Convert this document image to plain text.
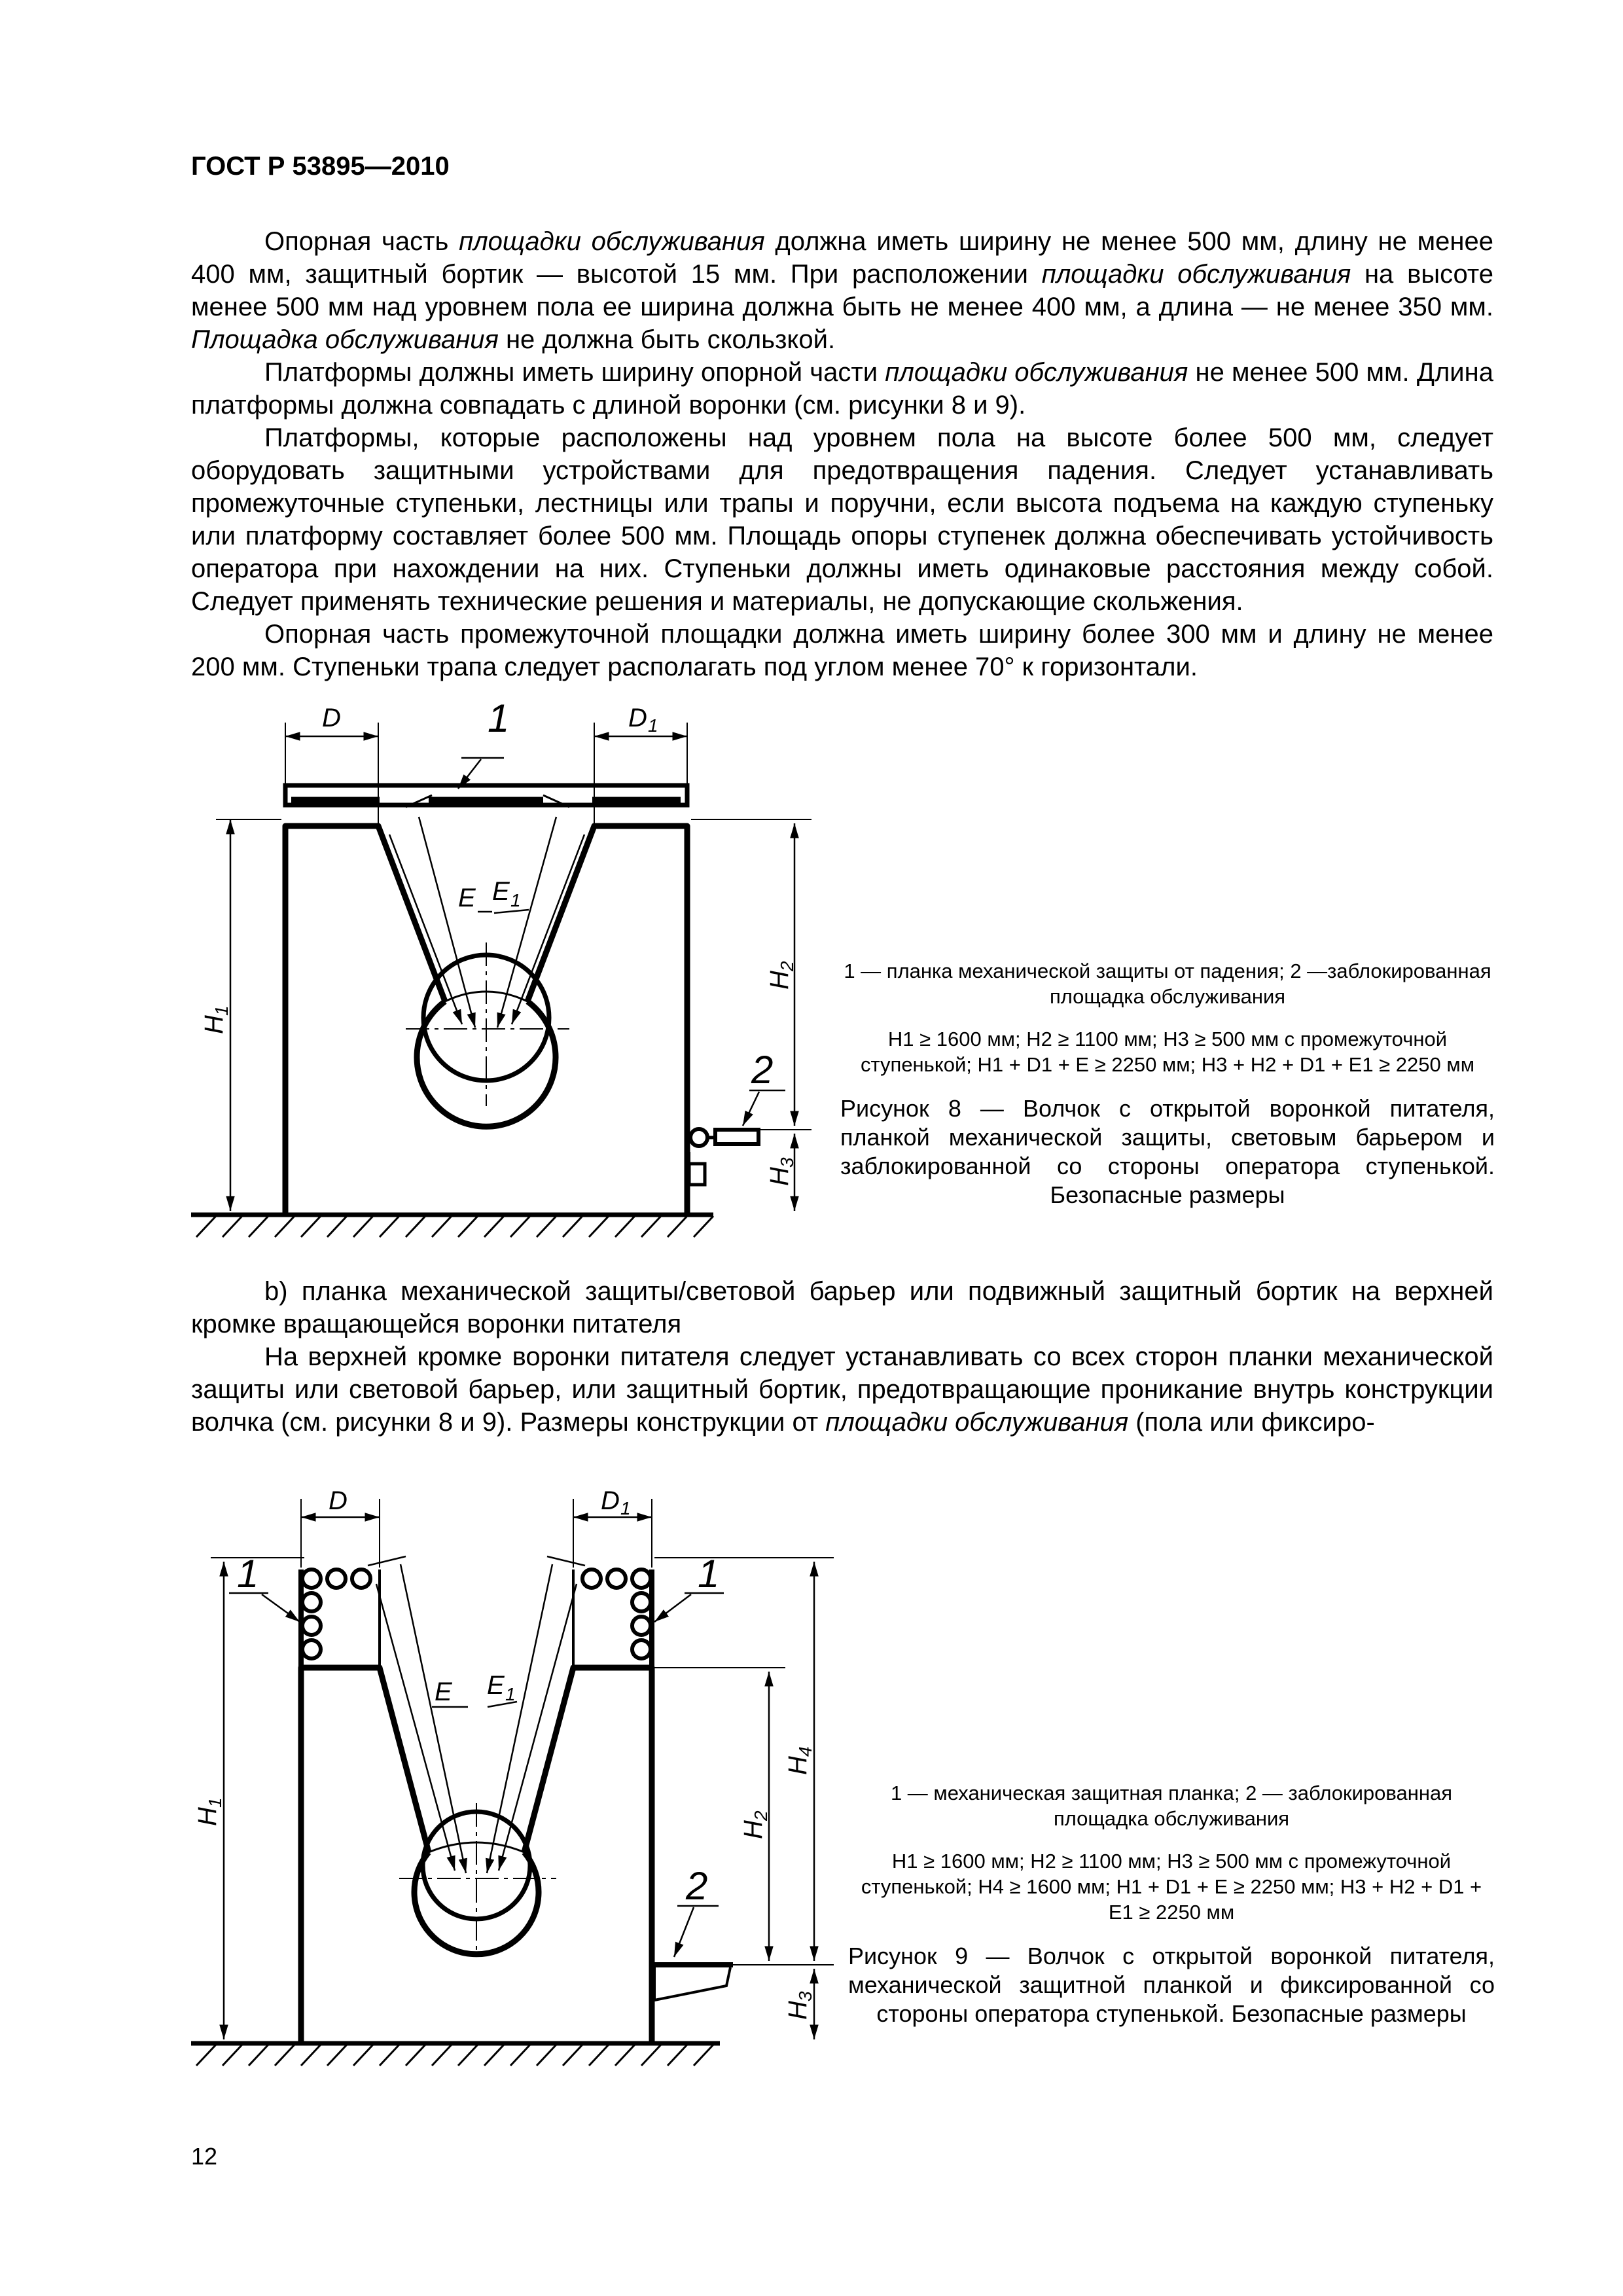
ГОСТ Р 53895—2010

Опорная часть площадки обслуживания должна иметь ширину не менее 500 мм, длину не менее 400 мм, защитный бортик — высотой 15 мм. При расположении площадки обслуживания на высоте менее 500 мм над уровнем пола ее ширина должна быть не менее 400 мм, а длина — не менее 350 мм. Площадка обслуживания не должна быть скользкой.

Платформы должны иметь ширину опорной части площадки обслуживания не менее 500 мм. Длина платформы должна совпадать с длиной воронки (см. рисунки 8 и 9).

Платформы, которые расположены над уровнем пола на высоте более 500 мм, следует оборудовать защитными устройствами для предотвращения падения. Следует устанавливать промежуточные ступеньки, лестницы или трапы и поручни, если высота подъема на каждую ступеньку или платформу составляет более 500 мм. Площадь опоры ступенек должна обеспечивать устойчивость оператора при нахождении на них. Ступеньки должны иметь одинаковые расстояния между собой. Следует применять технические решения и материалы, не допускающие скольжения.

Опорная часть промежуточной площадки должна иметь ширину более 300 мм и длину не менее 200 мм. Ступеньки трапа следует располагать под углом менее 70° к горизонтали.

D	D 1
1
E E 1
2
H
1
H
2
H
3
D	D 1
1	1
2
E E 1
H
1
H
2
H
3
H
4

1 — планка механической защиты от падения; 2 —заблокированная площадка обслуживания

H1 ≥ 1600 мм; H2 ≥ 1100 мм; H3 ≥ 500 мм с промежуточной ступенькой; H1 + D1 + E ≥ 2250 мм; H3 + H2 + D1 + E1 ≥ 2250 мм

Рисунок 8 — Волчок с открытой воронкой питателя, планкой механической защиты, световым барьером и заблокированной со стороны оператора ступенькой. Безопасные размеры

b) планка механической защиты/световой барьер или подвижный защитный бортик на верхней кромке вращающейся воронки питателя

На верхней кромке воронки питателя следует устанавливать со всех сторон планки механической защиты или световой барьер, или защитный бортик, предотвращающие проникание внутрь конструкции волчка (см. рисунки 8 и 9). Размеры конструкции от площадки обслуживания (пола или фиксиро-

1 — механическая защитная планка; 2 — заблокированная площадка обслуживания

H1 ≥ 1600 мм; H2 ≥ 1100 мм; H3 ≥ 500 мм с промежуточной ступенькой; H4 ≥ 1600 мм; H1 + D1 + E ≥ 2250 мм; H3 + H2 + D1 + E1 ≥ 2250 мм

Рисунок 9 — Волчок с открытой воронкой питателя, механической защитной планкой и фиксированной со стороны оператора ступенькой. Безопасные размеры

12
